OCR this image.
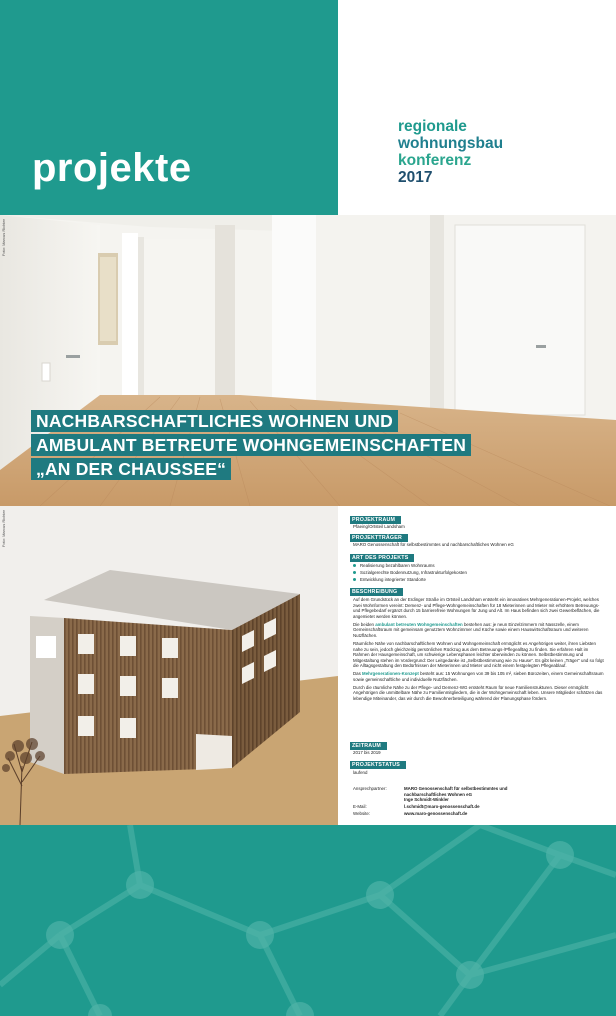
projekte
regionale
wohnungsbau
konferenz
2017
Foto: Marcus Richter
NACHBARSCHAFTLICHES WOHNEN UND
AMBULANT BETREUTE WOHNGEMEINSCHAFTEN
„AN DER CHAUSSEE“
Foto: Marcus Richter	PROJEKTRAUM
Pfaeing/Ortsteil Landsham
PROJEKTTRÄGER
MARO Genossenschaft für selbstbestimmtes und nachbarschaftliches Wohnen eG
ART DES PROJEKTS
Realisierung bezahlbaren Wohnraums
Sozialgerechte Bodennutzung, Infrastrukturfolgekosten
Entwicklung integrierter Standorte
BESCHREIBUNG

Auf dem Grundstück an der Erdinger Straße im Ortsteil Landsham entsteht ein innovatives Mehrgenerationen-Projekt, welches zwei Wohnformen vereint: Demenz- und Pflege-Wohngemeinschaften für 18 Mieterinnen und Mieter mit erhöhtem Betreuungs- und Pflegebedarf ergänzt durch 15 barrierefreie Wohnungen für Jung und Alt. Im Haus befinden sich zwei Gewerbeflächen, die angemietet werden können.

Die beiden ambulant betreuten Wohngemeinschaften bestehen aus: je neun Einzelzimmern mit Nasszelle, einem Gemeinschaftsraum mit gemeinsam genutztem Wohnzimmer und Küche sowie einem Hauswirtschaftsraum und weiteren Nutzflächen.

Räumliche Nähe von nachbarschaftlichem Wohnen und Wohngemeinschaft ermöglicht es Angehörigen weiter, ihren Liebsten nahe zu sein, jedoch gleichzeitig persönlichen Rückzug aus dem Betreuungs-/Pflegealltag zu finden. Sie erfahren Halt im Rahmen der Hausgemeinschaft, um schwierige Lebensphasen leichter überwinden zu können. Selbstbestimmung und Mitgestaltung stehen im Vordergrund: Der Leitgedanke ist „Selbstbestimmung wie zu Hause“. Es gibt keinen „Träger“ und so folgt die Alltagsgestaltung den Bedürfnissen der Mieterinnen und Mieter und nicht einem festgelegten Pflegeablauf.

Das Mehrgenerationen-Konzept besteht aus: 15 Wohnungen von 39 bis 105 m², sieben Bürozeiten, einem Gemeinschaftsraum sowie gemeinschaftliche und individuelle Nutzflächen.

Durch die räumliche Nähe zu der Pflege- und Demenz-WG entsteht Raum für neue Familienstrukturen. Dieser ermöglicht Angehörigen die unmittelbare Nähe zu Familienmitgliedern, die in der Wohngemeinschaft leben. Unsere Mitglieder schätzen das lebendige Miteinander, das wir durch die Bewohnerbeteiligung während der Planungsphase fördern.

ZEITRAUM
2017 bis 2019
PROJEKTSTATUS
laufend
Ansprechpartner:	MARO Genossenschaft für selbstbestimmtes und
nachbarschaftliches Wohnen eG
Inge Schmidt-Winkler
E-Mail:	l.schmidt@maro-genossenschaft.de
Website:	www.maro-genossenschaft.de
